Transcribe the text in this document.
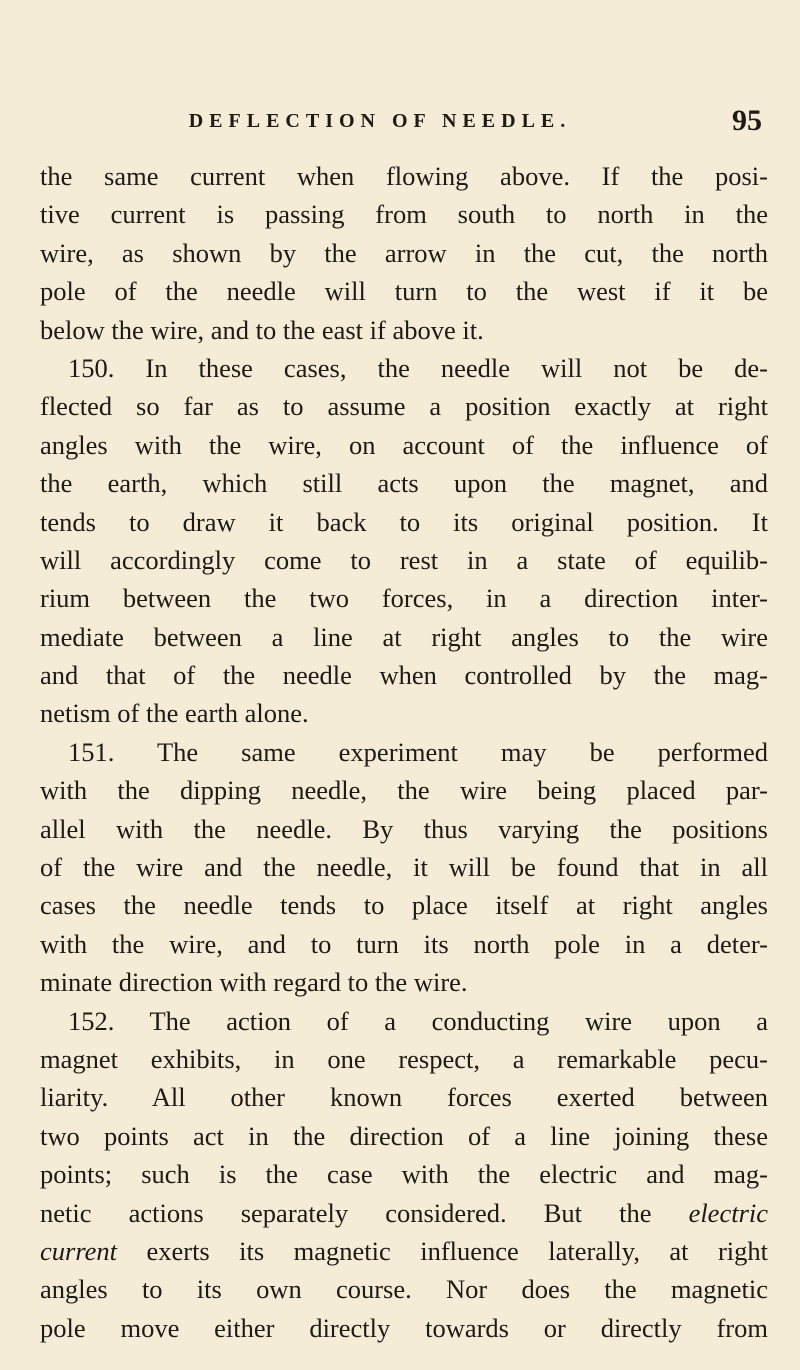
DEFLECTION OF NEEDLE.	95
the same current when flowing above. If the posi-
tive current is passing from south to north in the
wire, as shown by the arrow in the cut, the north
pole of the needle will turn to the west if it be
below the wire, and to the east if above it.
150. In these cases, the needle will not be de-
flected so far as to assume a position exactly at right
angles with the wire, on account of the influence of
the earth, which still acts upon the magnet, and
tends to draw it back to its original position. It
will accordingly come to rest in a state of equilib-
rium between the two forces, in a direction inter-
mediate between a line at right angles to the wire
and that of the needle when controlled by the mag-
netism of the earth alone.
151. The same experiment may be performed
with the dipping needle, the wire being placed par-
allel with the needle. By thus varying the positions
of the wire and the needle, it will be found that in all
cases the needle tends to place itself at right angles
with the wire, and to turn its north pole in a deter-
minate direction with regard to the wire.
152. The action of a conducting wire upon a
magnet exhibits, in one respect, a remarkable pecu-
liarity. All other known forces exerted between
two points act in the direction of a line joining these
points; such is the case with the electric and mag-
netic actions separately considered. But the electric
current exerts its magnetic influence laterally, at right
angles to its own course. Nor does the magnetic
pole move either directly towards or directly from
